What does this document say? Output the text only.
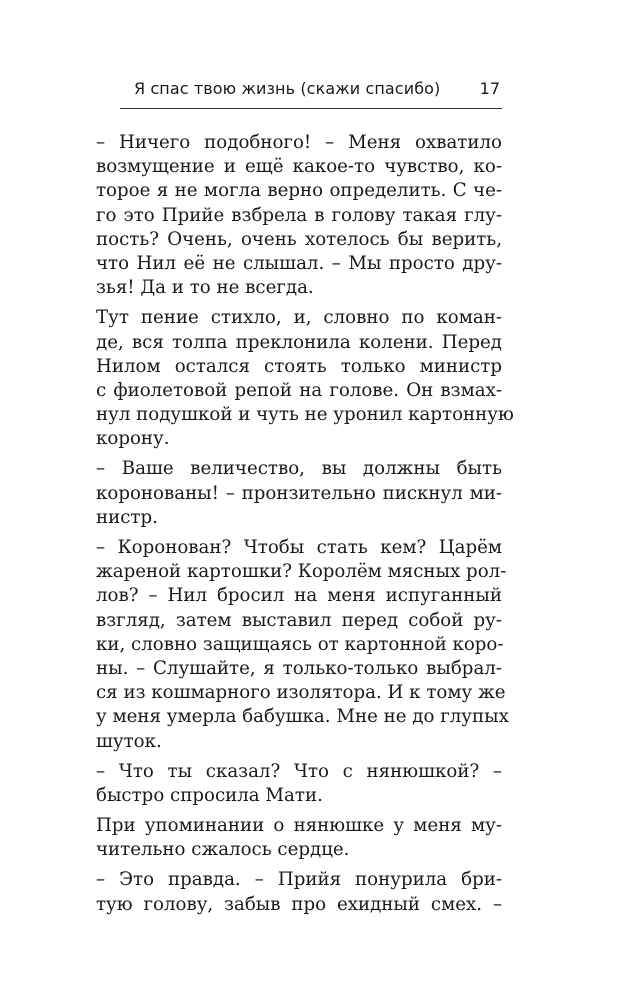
Я спас твою жизнь (скажи спасибо) 17

– Ничего подобного! – Меня охватило
возмущение и ещё какое-то чувство, ко-
торое я не могла верно определить. С че-
го это Прийе взбрела в голову такая глу-
пость? Очень, очень хотелось бы верить,
что Нил её не слышал. – Мы просто дру-
зья! Да и то не всегда.

Тут пение стихло, и, словно по коман-
де, вся толпа преклонила колени. Перед
Нилом остался стоять только министр
с фиолетовой репой на голове. Он взмах-
нул подушкой и чуть не уронил картонную
корону.

– Ваше величество, вы должны быть
коронованы! – пронзительно пискнул ми-
нистр.

– Коронован? Чтобы стать кем? Царём
жареной картошки? Королём мясных рол-
лов? – Нил бросил на меня испуганный
взгляд, затем выставил перед собой ру-
ки, словно защищаясь от картонной коро-
ны. – Слушайте, я только-только выбрал-
ся из кошмарного изолятора. И к тому же
у меня умерла бабушка. Мне не до глупых
шуток.

– Что ты сказал? Что с нянюшкой? –
быстро спросила Мати.

При упоминании о нянюшке у меня му-
чительно сжалось сердце.

– Это правда. – Прийя понурила бри-
тую голову, забыв про ехидный смех. –
